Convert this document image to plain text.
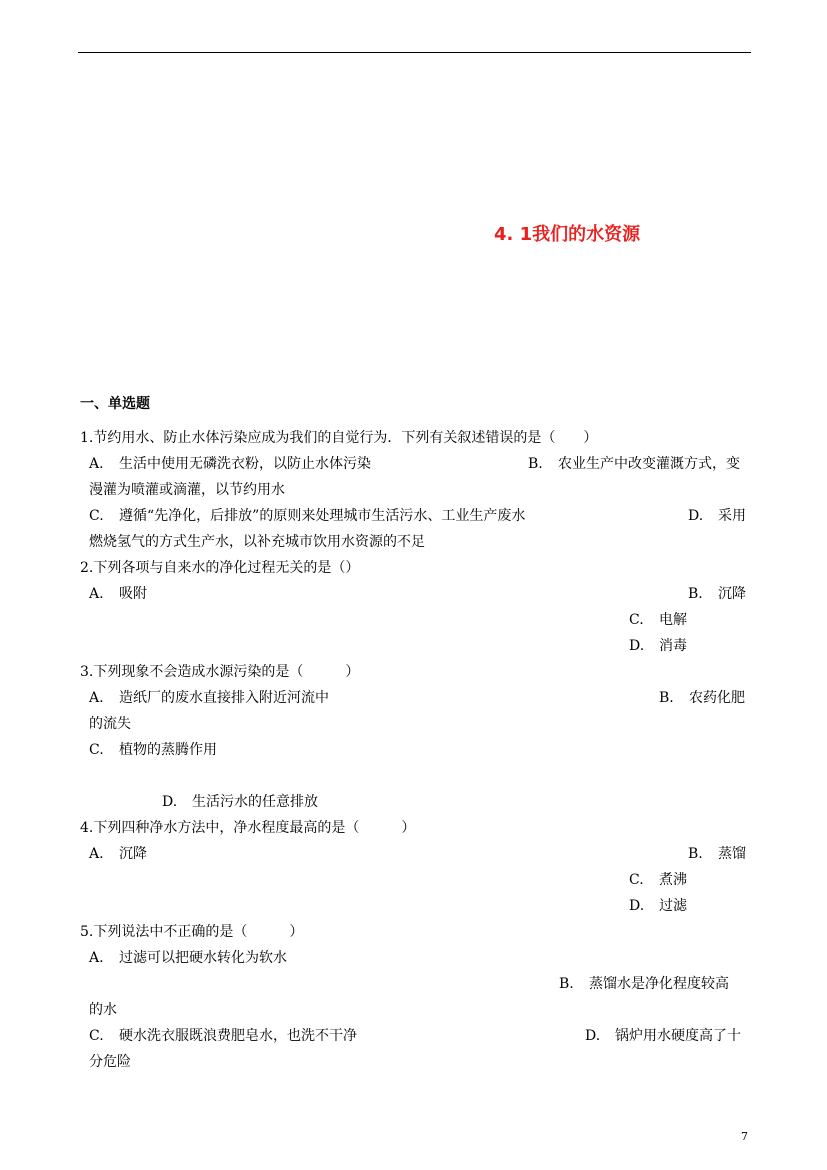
4. 1我们的水资源
一、单选题
1.节约用水、防止水体污染应成为我们的自觉行为．下列有关叙述错误的是（　　）
A. 生活中使用无磷洗衣粉，以防止水体污染	B. 农业生产中改变灌溉方式，变
漫灌为喷灌或滴灌，以节约用水
C. 遵循“先净化，后排放”的原则来处理城市生活污水、工业生产废水	D. 采用
燃烧氢气的方式生产水，以补充城市饮用水资源的不足
2.下列各项与自来水的净化过程无关的是（）
A. 吸附	B. 沉降
C. 电解
D. 消毒
3.下列现象不会造成水源污染的是（　　　）
A. 造纸厂的废水直接排入附近河流中	B. 农药化肥
的流失
C. 植物的蒸腾作用
D. 生活污水的任意排放
4.下列四种净水方法中，净水程度最高的是（　　　）
A. 沉降	B. 蒸馏
C. 煮沸
D. 过滤
5.下列说法中不正确的是（　　　）
A. 过滤可以把硬水转化为软水
B. 蒸馏水是净化程度较高
的水
C. 硬水洗衣服既浪费肥皂水，也洗不干净	D. 锅炉用水硬度高了十
分危险
7
